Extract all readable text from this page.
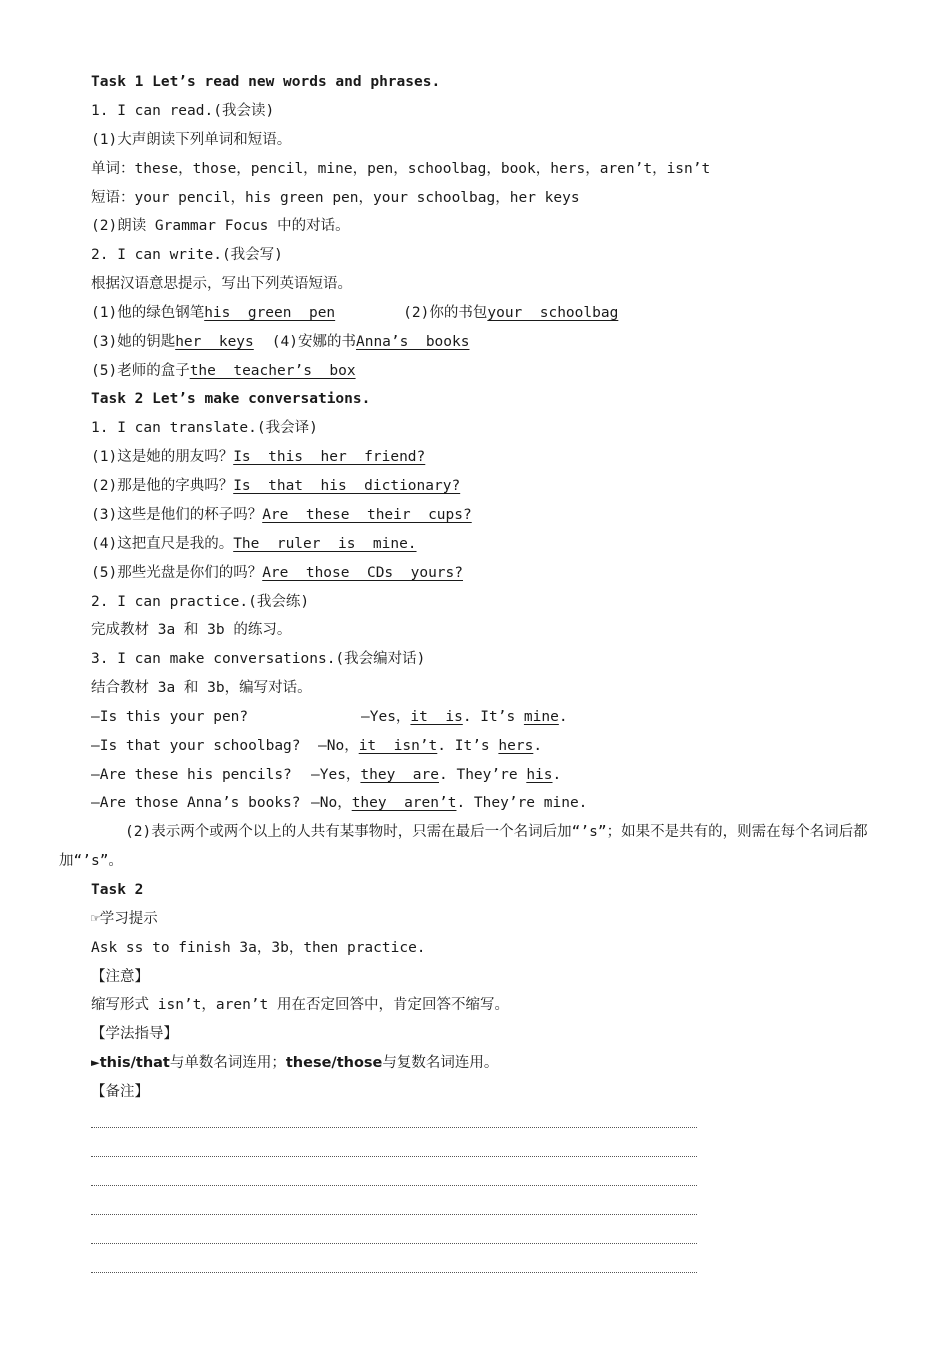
Task 1 Let’s read new words and phrases.
1. I can read.(我会读)
(1)大声朗读下列单词和短语。
单词：these，those，pencil，mine，pen，schoolbag，book，hers，aren’t，isn’t
短语：your pencil，his green pen，your schoolbag，her keys
(2)朗读 Grammar Focus 中的对话。
2. I can write.(我会写)
根据汉语意思提示，写出下列英语短语。
(1)他的绿色钢笔his  green  pen	(2)你的书包your  schoolbag
(3)她的钥匙her  keys (4)安娜的书Anna’s  books
(5)老师的盒子the  teacher’s  box
Task 2 Let’s make conversations.
1. I can translate.(我会译)
(1)这是她的朋友吗？Is  this  her  friend?
(2)那是他的字典吗？Is  that  his  dictionary?
(3)这些是他们的杯子吗？Are  these  their  cups?
(4)这把直尺是我的。The  ruler  is  mine.
(5)那些光盘是你们的吗？Are  those  CDs  yours?
2. I can practice.(我会练)
完成教材 3a 和 3b 的练习。
3. I can make conversations.(我会编对话)
结合教材 3a 和 3b，编写对话。
—Is this your pen?	—Yes，it  is. It’s mine.
—Is that your schoolbag? —No，it  isn’t. It’s hers.
—Are these his pencils? —Yes，they  are. They’re his.
—Are those Anna’s books? —No，they  aren’t. They’re mine.
(2)表示两个或两个以上的人共有某事物时，只需在最后一个名词后加“’s”；如果不是共有的，则需在每个名词后都加“’s”。
Task 2
☞学习提示
Ask ss to finish 3a，3b，then practice.
【注意】
缩写形式 isn’t，aren’t 用在否定回答中，肯定回答不缩写。
【学法指导】
►this/that与单数名词连用；these/those与复数名词连用。
【备注】
